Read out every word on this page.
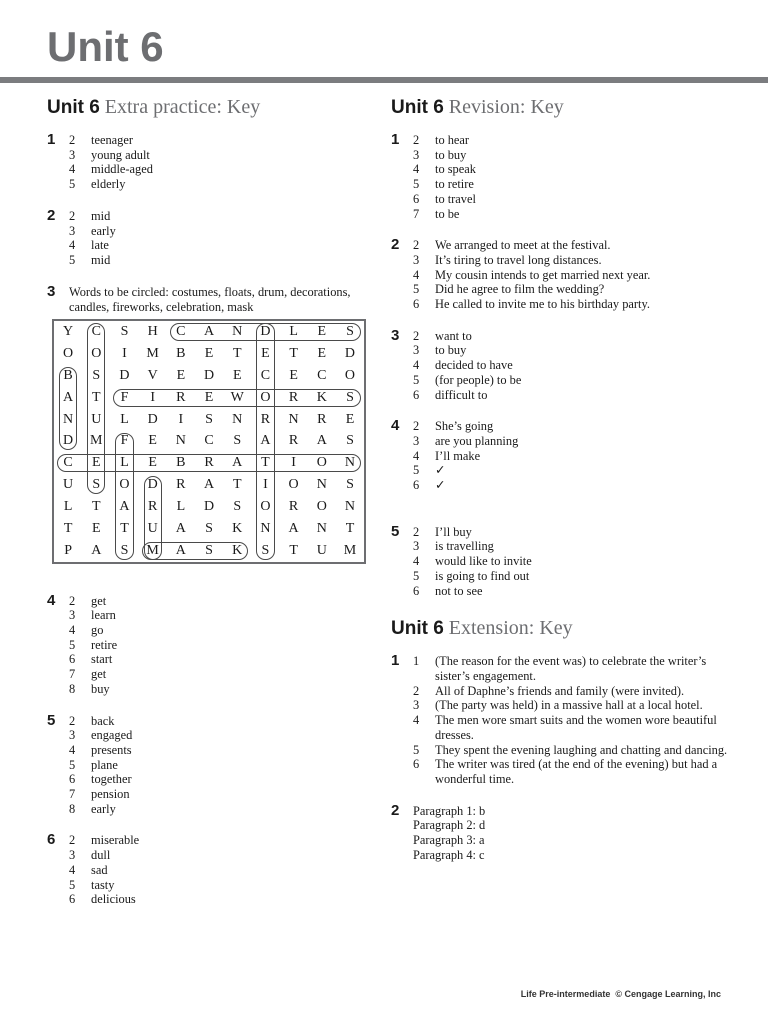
Unit 6
Unit 6 Extra practice: Key
1 2	teenager
3	young adult
4	middle-aged
5	elderly
2 2	mid
3	early
4	late
5	mid
3 Words to be circled: costumes, floats, drum, decorations, candles, fireworks, celebration, mask
4 2	get
3	learn
4	go
5	retire
6	start
7	get
8	buy
5 2	back
3	engaged
4	presents
5	plane
6	together
7	pension
8	early
6 2	miserable
3	dull
4	sad
5	tasty
6	delicious
Y	C	S	H	C	A	N	D	L	E	S
O	O	I	M	B	E	T	E	T	E	D
B	S	D	V	E	D	E	C	E	C	O
A	T	F	I	R	E	W	O	R	K	S
N	U	L	D	I	S	N	R	N	R	E
D	M	F	E	N	C	S	A	R	A	S
C	E	L	E	B	R	A	T	I	O	N
U	S	O	D	R	A	T	I	O	N	S
L	T	A	R	L	D	S	O	R	O	N
T	E	T	U	A	S	K	N	A	N	T
P	A	S	M	A	S	K	S	T	U	M
Unit 6 Revision: Key
1 2	to hear
3	to buy
4	to speak
5	to retire
6	to travel
7	to be
2 2	We arranged to meet at the festival.
3	It’s tiring to travel long distances.
4	My cousin intends to get married next year.
5	Did he agree to film the wedding?
6	He called to invite me to his birthday party.
3 2	want to
3	to buy
4	decided to have
5	(for people) to be
6	difficult to
4 2	She’s going
3	are you planning
4	I’ll make
5	✓
6	✓
5 2	I’ll buy
3	is travelling
4	would like to invite
5	is going to find out
6	not to see
Unit 6 Extension: Key
1 1	(The reason for the event was) to celebrate the writer’s sister’s engagement.
2	All of Daphne’s friends and family (were invited).
3	(The party was held) in a massive hall at a local hotel.
4	The men wore smart suits and the women wore beautiful dresses.
5	They spent the evening laughing and chatting and dancing.
6	The writer was tired (at the end of the evening) but had a wonderful time.
2 Paragraph 1: b
Paragraph 2: d
Paragraph 3: a
Paragraph 4: c
Life Pre-intermediate © Cengage Learning, Inc
